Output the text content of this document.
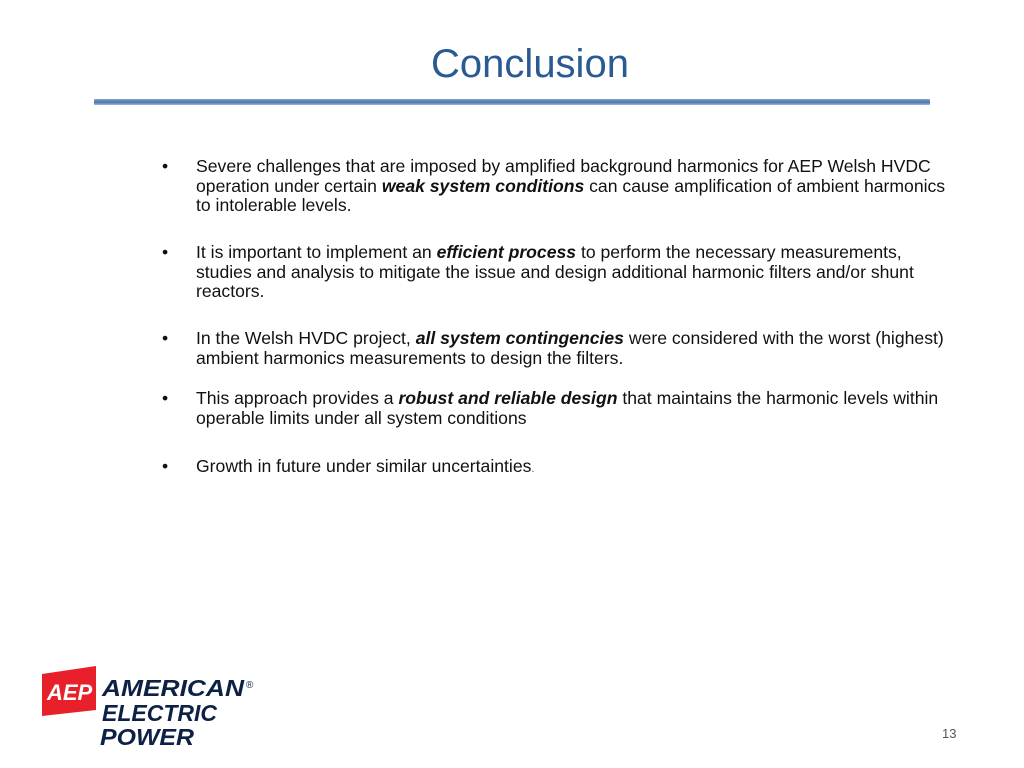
Conclusion
•	Severe challenges that are imposed by amplified background harmonics for AEP Welsh HVDC operation under certain weak system conditions can cause amplification of ambient harmonics to intolerable levels.
•	It is important to implement an efficient process to perform the necessary measurements, studies and analysis to mitigate the issue and design additional harmonic filters and/or shunt reactors.
•	In the Welsh HVDC project, all system contingencies were considered with the worst (highest) ambient harmonics measurements to design the filters.
•	This approach provides a robust and reliable design that maintains the harmonic levels within operable limits under all system conditions
•	Growth in future under similar uncertainties.
AEP AMERICAN ®
ELECTRIC
POWER	13
